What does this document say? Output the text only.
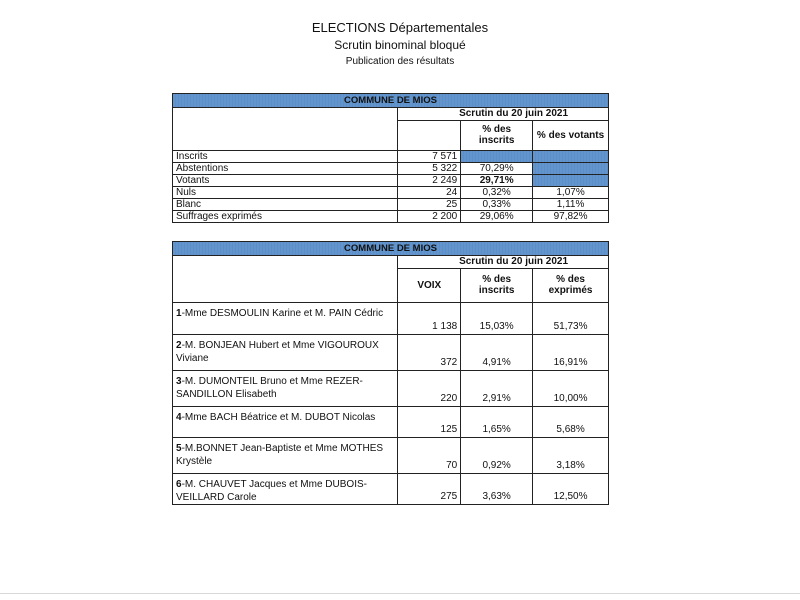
ELECTIONS Départementales
Scrutin binominal bloqué
Publication des résultats
COMMUNE DE MIOS			
	Scrutin du 20 juin 2021		
		% des inscrits	% des votants
Inscrits	7 571		
Abstentions	5 322	70,29%	
Votants	2 249	29,71%	
Nuls	24	0,32%	1,07%
Blanc	25	0,33%	1,11%
Suffrages exprimés	2 200	29,06%	97,82%
COMMUNE DE MIOS			
	Scrutin du 20 juin 2021		
	VOIX	% des inscrits	% des exprimés
1-Mme DESMOULIN Karine et M. PAIN Cédric	1 138	15,03%	51,73%
2-M. BONJEAN Hubert et Mme VIGOUROUX Viviane	372	4,91%	16,91%
3-M. DUMONTEIL Bruno et Mme REZER-SANDILLON Elisabeth	220	2,91%	10,00%
4-Mme BACH Béatrice et M. DUBOT Nicolas	125	1,65%	5,68%
5-M.BONNET Jean-Baptiste et Mme MOTHES Krystèle	70	0,92%	3,18%
6-M. CHAUVET Jacques et Mme DUBOIS-VEILLARD Carole	275	3,63%	12,50%
